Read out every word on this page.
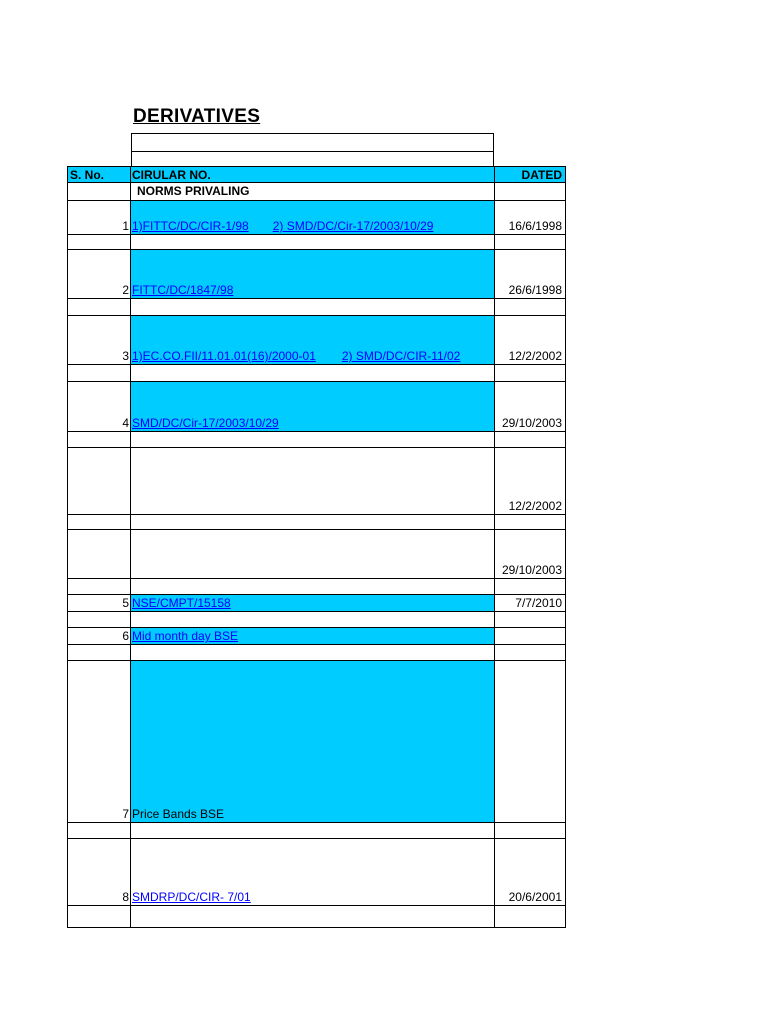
DERIVATIVES
S. No.	CIRULAR NO.	DATED
NORMS PRIVALING
1 1)FITTC/DC/CIR-1/98 2) SMD/DC/Cir-17/2003/10/29	16/6/1998
2 FITTC/DC/1847/98	26/6/1998
3 1)EC.CO.FII/11.01.01(16)/2000-01 2) SMD/DC/CIR-11/02	12/2/2002
4 SMD/DC/Cir-17/2003/10/29	29/10/2003
12/2/2002
29/10/2003
5 NSE/CMPT/15158	7/7/2010
6 Mid month day BSE
7 Price Bands BSE
8 SMDRP/DC/CIR- 7/01	20/6/2001
